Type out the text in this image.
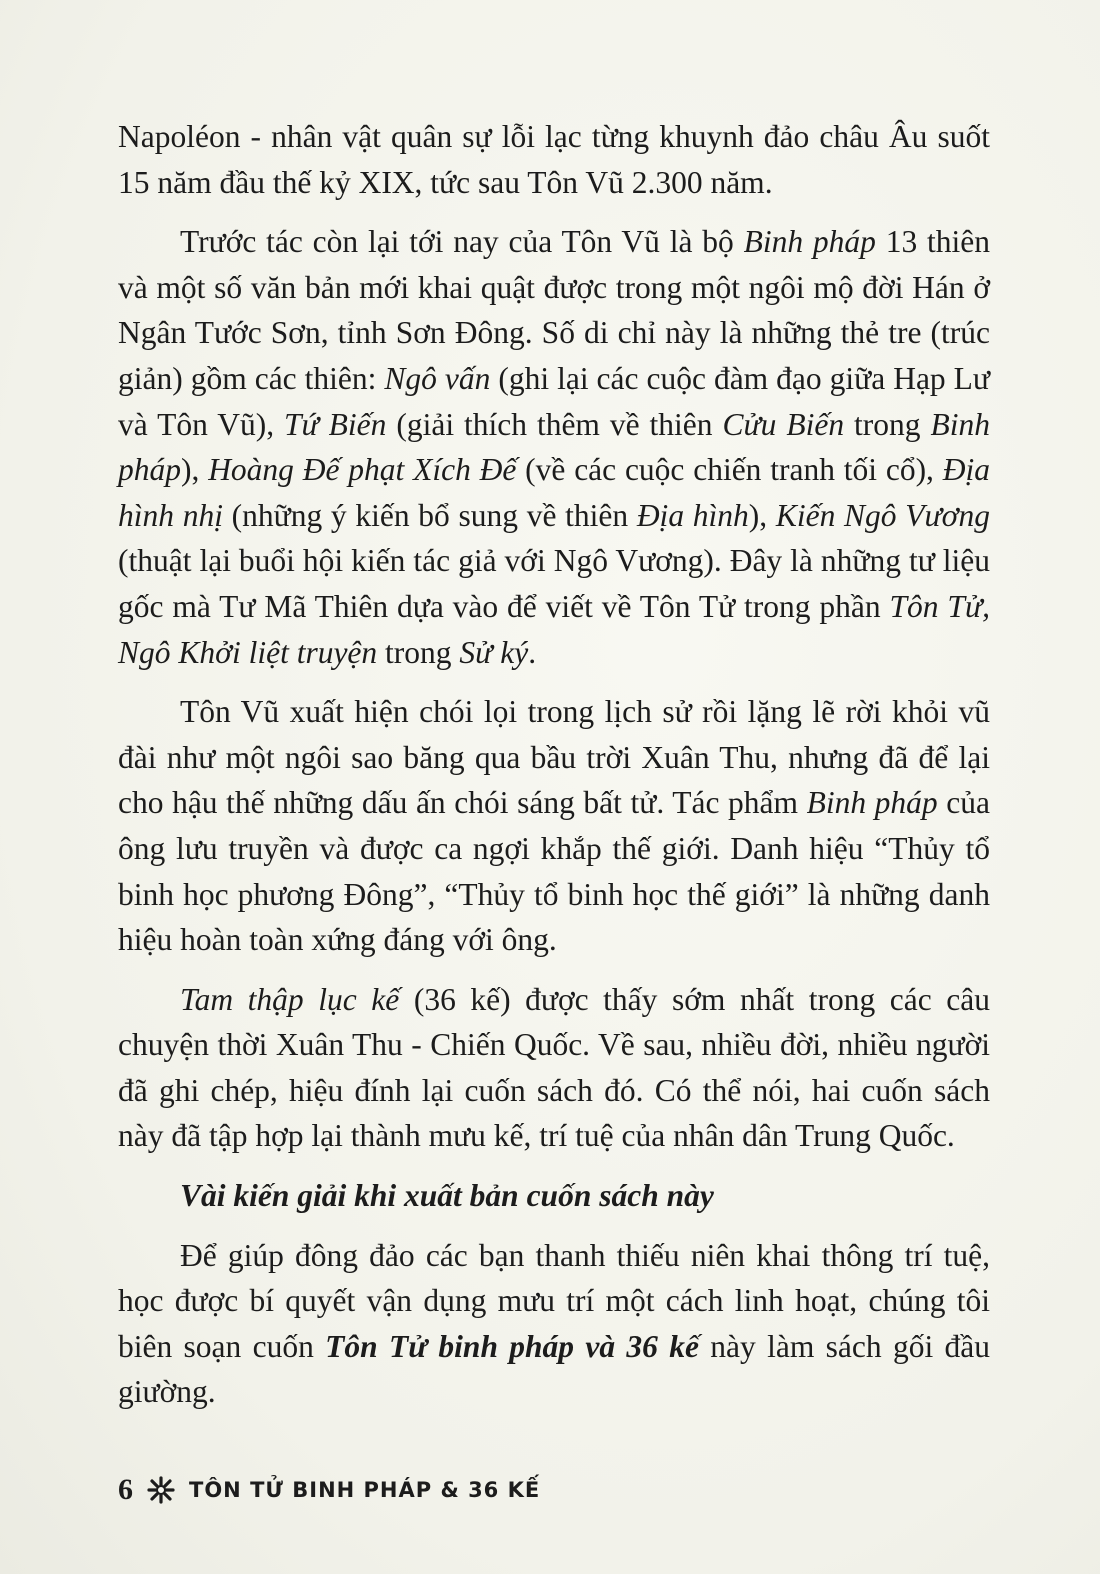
Napoléon - nhân vật quân sự lỗi lạc từng khuynh đảo châu Âu suốt 15 năm đầu thế kỷ XIX, tức sau Tôn Vũ 2.300 năm.

Trước tác còn lại tới nay của Tôn Vũ là bộ Binh pháp 13 thiên và một số văn bản mới khai quật được trong một ngôi mộ đời Hán ở Ngân Tước Sơn, tỉnh Sơn Đông. Số di chỉ này là những thẻ tre (trúc giản) gồm các thiên: Ngô vấn (ghi lại các cuộc đàm đạo giữa Hạp Lư và Tôn Vũ), Tứ Biến (giải thích thêm về thiên Cửu Biến trong Binh pháp), Hoàng Đế phạt Xích Đế (về các cuộc chiến tranh tối cổ), Địa hình nhị (những ý kiến bổ sung về thiên Địa hình), Kiến Ngô Vương (thuật lại buổi hội kiến tác giả với Ngô Vương). Đây là những tư liệu gốc mà Tư Mã Thiên dựa vào để viết về Tôn Tử trong phần Tôn Tử, Ngô Khởi liệt truyện trong Sử ký.

Tôn Vũ xuất hiện chói lọi trong lịch sử rồi lặng lẽ rời khỏi vũ đài như một ngôi sao băng qua bầu trời Xuân Thu, nhưng đã để lại cho hậu thế những dấu ấn chói sáng bất tử. Tác phẩm Binh pháp của ông lưu truyền và được ca ngợi khắp thế giới. Danh hiệu “Thủy tổ binh học phương Đông”, “Thủy tổ binh học thế giới” là những danh hiệu hoàn toàn xứng đáng với ông.

Tam thập lục kế (36 kế) được thấy sớm nhất trong các câu chuyện thời Xuân Thu - Chiến Quốc. Về sau, nhiều đời, nhiều người đã ghi chép, hiệu đính lại cuốn sách đó. Có thể nói, hai cuốn sách này đã tập hợp lại thành mưu kế, trí tuệ của nhân dân Trung Quốc.

Vài kiến giải khi xuất bản cuốn sách này

Để giúp đông đảo các bạn thanh thiếu niên khai thông trí tuệ, học được bí quyết vận dụng mưu trí một cách linh hoạt, chúng tôi biên soạn cuốn Tôn Tử binh pháp và 36 kế này làm sách gối đầu giường.

6	TÔN TỬ BINH PHÁP & 36 KẾ
